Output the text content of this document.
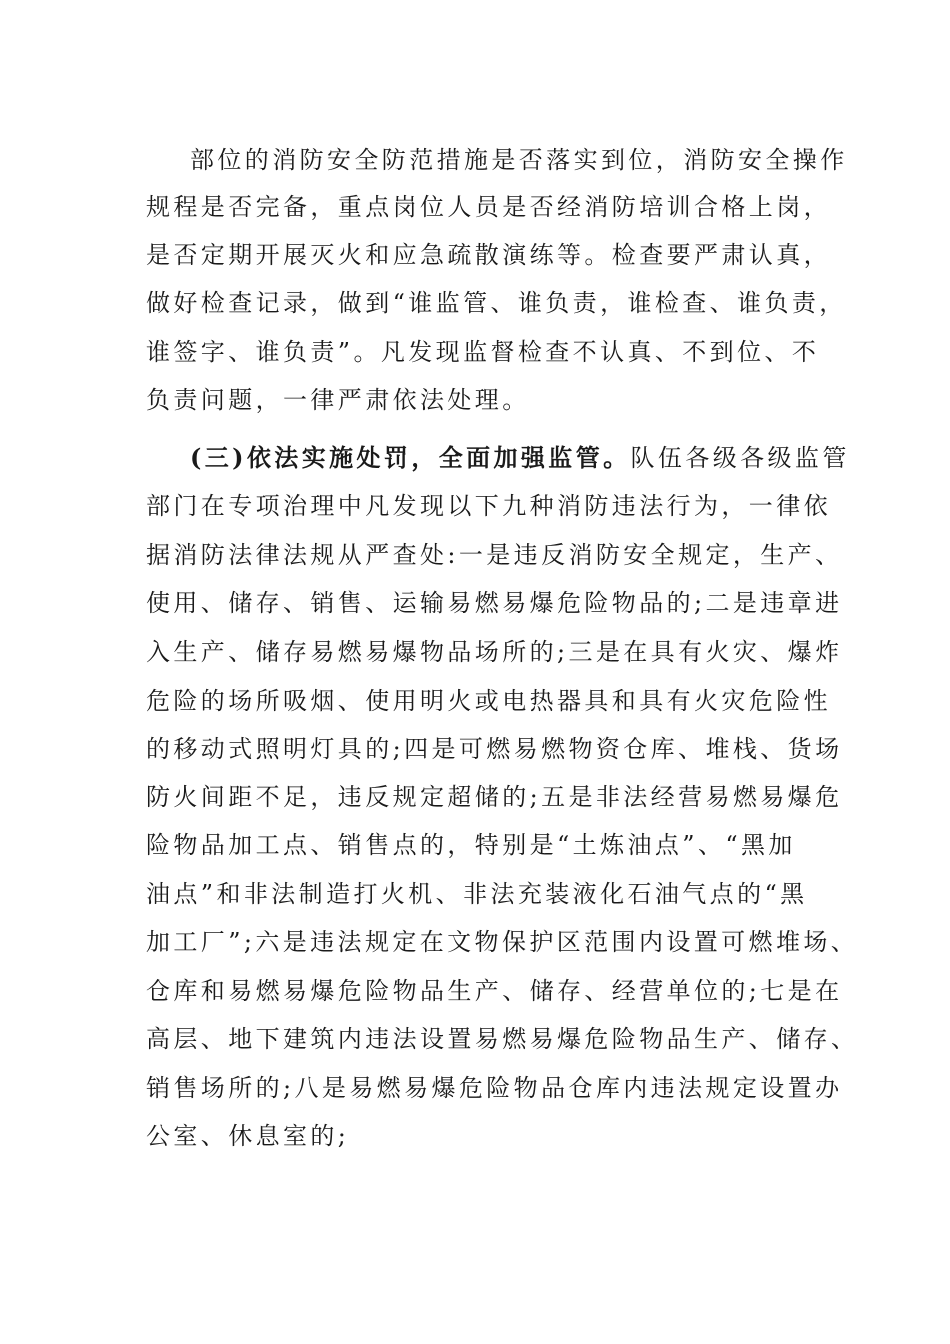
部位的消防安全防范措施是否落实到位，消防安全操作
规程是否完备，重点岗位人员是否经消防培训合格上岗，
是否定期开展灭火和应急疏散演练等。检查要严肃认真，
做好检查记录，做到“谁监管、谁负责，谁检查、谁负责，
谁签字、谁负责”。凡发现监督检查不认真、不到位、不
负责问题，一律严肃依法处理。
(三)依法实施处罚，全面加强监管。队伍各级各级监管
部门在专项治理中凡发现以下九种消防违法行为，一律依
据消防法律法规从严查处:一是违反消防安全规定，生产、
使用、储存、销售、运输易燃易爆危险物品的;二是违章进
入生产、储存易燃易爆物品场所的;三是在具有火灾、爆炸
危险的场所吸烟、使用明火或电热器具和具有火灾危险性
的移动式照明灯具的;四是可燃易燃物资仓库、堆栈、货场
防火间距不足，违反规定超储的;五是非法经营易燃易爆危
险物品加工点、销售点的，特别是“土炼油点”、“黑加
油点”和非法制造打火机、非法充装液化石油气点的“黑
加工厂”;六是违法规定在文物保护区范围内设置可燃堆场、
仓库和易燃易爆危险物品生产、储存、经营单位的;七是在
高层、地下建筑内违法设置易燃易爆危险物品生产、储存、
销售场所的;八是易燃易爆危险物品仓库内违法规定设置办
公室、休息室的;
